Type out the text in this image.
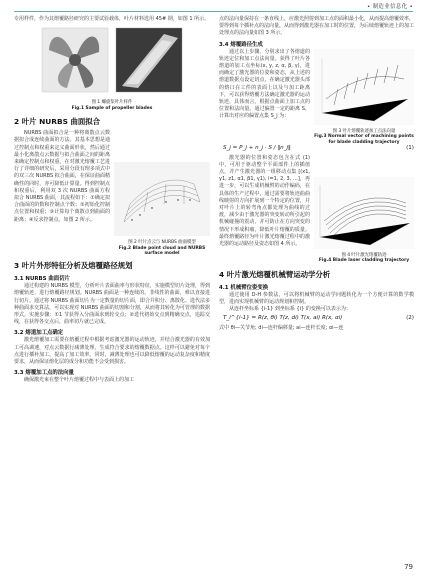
• 制造业信息化 •

专用样件，作为其熔覆路径研究的主要试验载体，叶片材料选用 45# 钢，如图 1 所示。

图 1 螺旋桨叶片样件
Fig.1 Sample of propeller blades
2 叶片 NURBS 曲面拟合
图 2 叶片点云与 NURBS 曲面模型
Fig.2 Blade point cloud and NURBS surface model

NURBS 曲面拟合是一种将离散点云数据拟合成连续曲面的方法。其基本思想是通过控制点和权重来定义曲面形状，然后通过最小化离散点云数据与拟合曲面之间的距离来确定控制点和权重。在对激光熔覆工艺进行了详细的研究后，采用分段有理多项式中的双三次 NURBS 拟合曲面，在保证曲面精确性的同时，亦可降低计算量。得到控制点和权重后，利用双 3 次 NURBS 曲面方程拟合 NURBS 曲面，其流程如下：①确定拟合曲面的阶数和控制点个数；②初始化控制点位置和权重；③计算每个离散点到曲面的距离；④反求控制点。如图 2 所示。

3 叶片外形特征分析及熔覆路径规划
3.1 NURBS 曲面切片

通过构建的 NURBS 模型，分析叶片表面曲率与形状特征，实施模型切片处理，得到熔覆轨迹，进行熔覆路径规划。NURBS 曲面是一种连续的、非线性的曲面，难以直接进行切片。通过将 NURBS 曲面切片为一定数量的切片面，即合并积分、离散化、选代法多种曲面求交算法，可以实现对 NURBS 曲面的切割和分割，从而将其转化为可管理的数据形式。实施步骤：①1 节获得入分曲面求到轮交点；②选代初始交点到精确交点，追踪交线，在获得各交点后，曲率切片就已完成。

3.2 熔道加工点确定

激光熔覆加工需要在熔覆过程中根据考虑激光器的运动轨迹，并结合激光器的有效加工可高调速，对点云数据行减薄处理，生成符合要求的熔覆数据点。这样可以避免对每个点进行插补加工，提高了加工效率。同时，减薄处理也可以降低熔覆的运动复杂度和精度要求，从而保证熔化层的成分和功能不会受到损害。

3.3 熔覆加工点的法向量

确保激光束在整个叶片熔覆过程中与表面上的加工

点的法向量保持在一条直线上，应激光照射到加工点的面积最小化，从而提高熔覆效率，要得到每个插补点的法向量，从而得到激光器在加工时的位置，为后续熔覆轨迹上的加工处理点的法向量如图 3 所示。

3.4 熔覆路径生成
图 3 叶片熔覆轨迹加工点法向量
Fig.3 Normal vector of machining points for blade cladding trajectory

通过以上步骤，分别求出了各熔道的轨迹定位和加工点法向量。获得了叶片各熔道的加工点坐标(x, y, z, α, β, γ)，进而确定了激光器的位姿和姿态，从上述的熔道数据点设定切点，在确定激光器头部的熔口在工件的表面上以及与加工距离下，可以获得熔覆方法确定激光器的运动轨迹，具体而言，根据点曲面上加工点的位置和法向量。通过偏置一定的距离 S，计算出对应的偏置点集 S_j 为：

S_j = P_j + n_j · S / ‖n_j‖	(1)
图 4 叶片激光熔覆轨迹
Fig.4 Blade laser cladding trajectory

激光器的位置和姿态包含在式 (1) 中，可用于驱动整个平面部件上的插值点，并产生激光器的一组移动点集 [(x1, y1, z1, α1, β1, γ1), i=1, 2, 3, …]，再进一步，可以生成机械臂的动作编码，在具体的生产过程中，通过需要将轨迹曲曲线映射的方向扩展到一个特定的位置，并对叶片上的转弯角点都处理为曲线的过渡，减少由于激光器的突变转动所引起的机械碰撞的震动，并可防止在方向突变的情况下形成积瘤，降低叶片熔覆的质量。最终熔覆路径为叶片激光熔覆过程中的激光器的运动路径及姿态如图 4 所示。

4 叶片激光熔覆机械臂运动学分析
4.1 机械臂位姿变换

通过使用 D-H 参数法，可以将机械臂的运动学问题转化为一个方便计算的数学模型，进而实现机械臂的运动规划和控制。

从连杆坐标系 {i-1} 到坐标系 {i} 的变换可以表示为：

T_i^{i-1} = R(z, θi) T(z, di) T(x, ai) R(x, αi)	(2)

式中 θi—关节角; di—连杆偏移量; ai—连杆长度; αi—连

79
